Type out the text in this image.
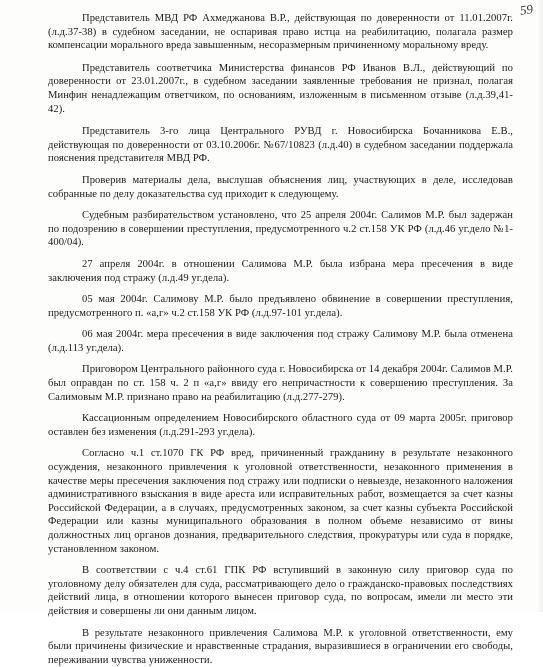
59

Представитель МВД РФ Ахмеджанова В.Р., действующая по доверенности от 11.01.2007г. (л.д.37-38) в судебном заседании, не оспаривая право истца на реабилитацию, полагала размер компенсации морального вреда завышенным, несоразмерным причиненному моральному вреду.

Представитель соответчика Министерства финансов РФ Иванов В.Л., действующий по доверенности от 23.01.2007г., в судебном заседании заявленные требования не признал, полагая Минфин ненадлежащим ответчиком, по основаниям, изложенным в письменном отзыве (л.д.39,41-42).

Представитель 3-го лица Центрального РУВД г. Новосибирска Бочанникова Е.В., действующая по доверенности от 03.10.2006г. №67/10823 (л.д.40) в судебном заседании поддержала пояснения представителя МВД РФ.

Проверив материалы дела, выслушав объяснения лиц, участвующих в деле, исследовав собранные по делу доказательства суд приходит к следующему.

Судебным разбирательством установлено, что 25 апреля 2004г. Салимов М.Р. был задержан по подозрению в совершении преступления, предусмотренного ч.2 ст.158 УК РФ (л.д.46 уг.дело №1-400/04).

27 апреля 2004г. в отношении Салимова М.Р. была избрана мера пресечения в виде заключения под стражу (л.д.49 уг.дела).

05 мая 2004г. Салимову М.Р. было предъявлено обвинение в совершении преступления, предусмотренного п. «а,г» ч.2 ст.158 УК РФ (л.д.97-101 уг.дела).

06 мая 2004г. мера пресечения в виде заключения под стражу Салимову М.Р. была отменена (л.д.113 уг.дела).

Приговором Центрального районного суда г. Новосибирска от 14 декабря 2004г. Салимов М.Р. был оправдан по ст. 158 ч. 2 п «а,г» ввиду его непричастности к совершению преступления. За Салимовым М.Р. признано право на реабилитацию (л.д.277-279).

Кассационным определением Новосибирского областного суда от 09 марта 2005г. приговор оставлен без изменения (л.д.291-293 уг.дела).

Согласно ч.1 ст.1070 ГК РФ вред, причиненный гражданину в результате незаконного осуждения, незаконного привлечения к уголовной ответственности, незаконного применения в качестве меры пресечения заключения под стражу или подписки о невыезде, незаконного наложения административного взыскания в виде ареста или исправительных работ, возмещается за счет казны Российской Федерации, а в случаях, предусмотренных законом, за счет казны субъекта Российской Федерации или казны муниципального образования в полном объеме независимо от вины должностных лиц органов дознания, предварительного следствия, прокуратуры или суда в порядке, установленном законом.

В соответствии с ч.4 ст.61 ГПК РФ вступивший в законную силу приговор суда по уголовному делу обязателен для суда, рассматривающего дело о гражданско-правовых последствиях действий лица, в отношении которого вынесен приговор суда, по вопросам, имели ли место эти действия и совершены ли они данным лицом.

В результате незаконного привлечения Салимова М.Р. к уголовной ответственности, ему были причинены физические и нравственные страдания, выразившиеся в ограничении его свободы, переживании чувства униженности.
